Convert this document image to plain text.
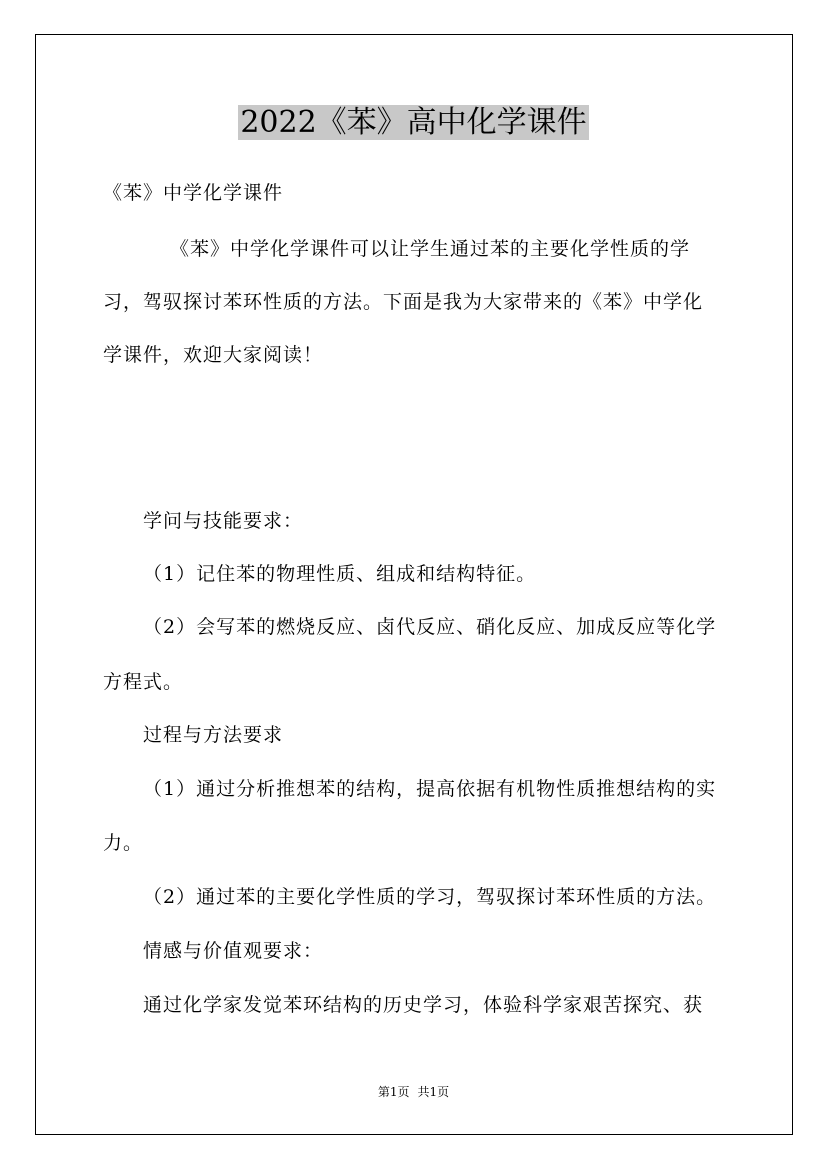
2022《苯》高中化学课件

《苯》中学化学课件

《苯》中学化学课件可以让学生通过苯的主要化学性质的学

习，驾驭探讨苯环性质的方法。下面是我为大家带来的《苯》中学化

学课件，欢迎大家阅读！

学问与技能要求：

（1）记住苯的物理性质、组成和结构特征。

（2）会写苯的燃烧反应、卤代反应、硝化反应、加成反应等化学

方程式。

过程与方法要求

（1）通过分析推想苯的结构，提高依据有机物性质推想结构的实

力。

（2）通过苯的主要化学性质的学习，驾驭探讨苯环性质的方法。

情感与价值观要求：

通过化学家发觉苯环结构的历史学习，体验科学家艰苦探究、获

第1页 共1页
